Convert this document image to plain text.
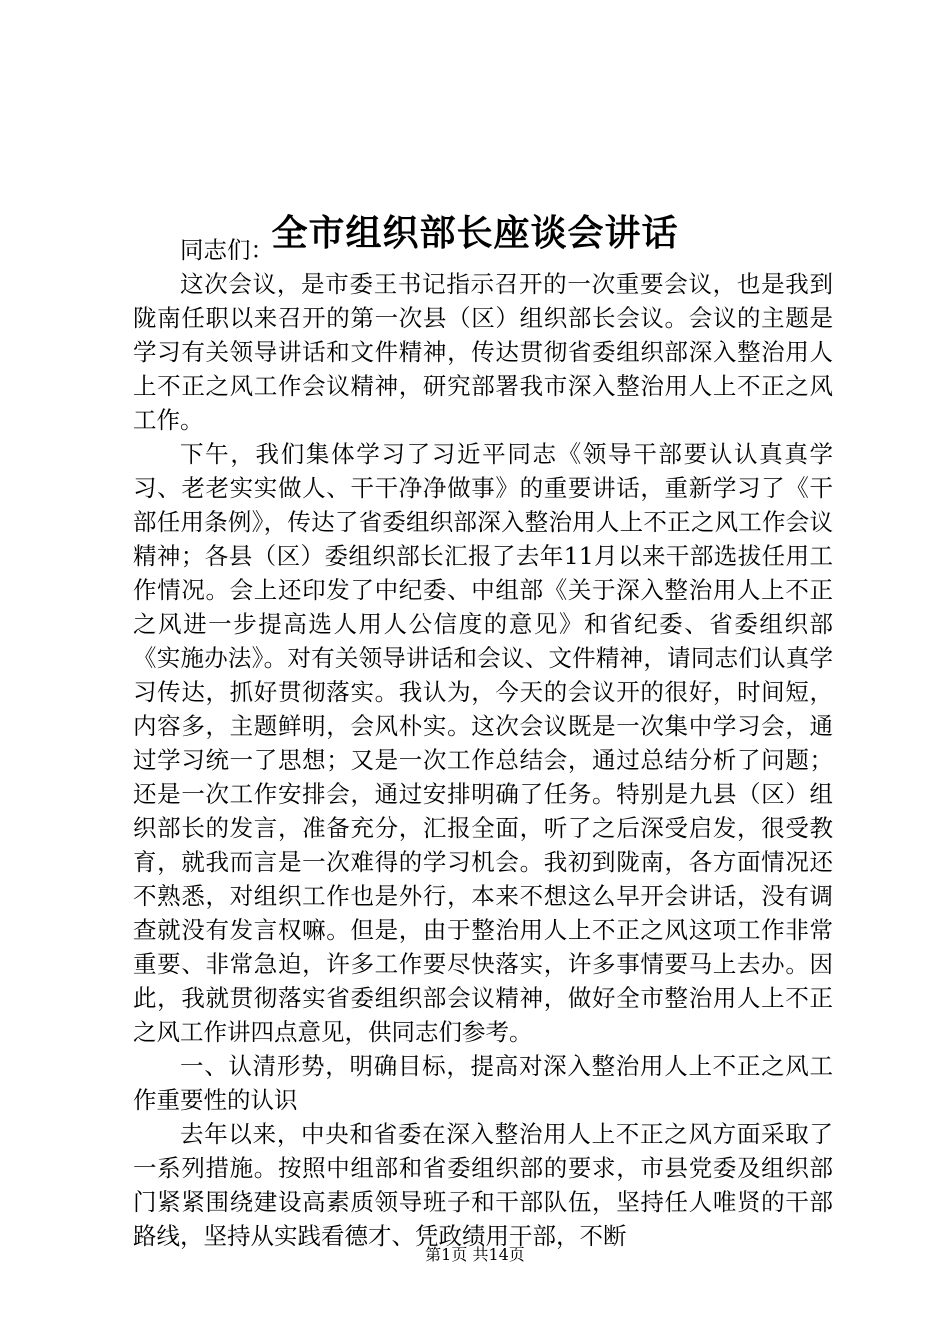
全市组织部长座谈会讲话

同志们：

这次会议，是市委王书记指示召开的一次重要会议，也是我到陇南任职以来召开的第一次县（区）组织部长会议。会议的主题是学习有关领导讲话和文件精神，传达贯彻省委组织部深入整治用人上不正之风工作会议精神，研究部署我市深入整治用人上不正之风工作。

下午，我们集体学习了习近平同志《领导干部要认认真真学习、老老实实做人、干干净净做事》的重要讲话，重新学习了《干部任用条例》，传达了省委组织部深入整治用人上不正之风工作会议精神；各县（区）委组织部长汇报了去年11月以来干部选拔任用工作情况。会上还印发了中纪委、中组部《关于深入整治用人上不正之风进一步提高选人用人公信度的意见》和省纪委、省委组织部《实施办法》。对有关领导讲话和会议、文件精神，请同志们认真学习传达，抓好贯彻落实。我认为，今天的会议开的很好，时间短，内容多，主题鲜明，会风朴实。这次会议既是一次集中学习会，通过学习统一了思想；又是一次工作总结会，通过总结分析了问题；还是一次工作安排会，通过安排明确了任务。特别是九县（区）组织部长的发言，准备充分，汇报全面，听了之后深受启发，很受教育，就我而言是一次难得的学习机会。我初到陇南，各方面情况还不熟悉，对组织工作也是外行，本来不想这么早开会讲话，没有调查就没有发言权嘛。但是，由于整治用人上不正之风这项工作非常重要、非常急迫，许多工作要尽快落实，许多事情要马上去办。因此，我就贯彻落实省委组织部会议精神，做好全市整治用人上不正之风工作讲四点意见，供同志们参考。

一、认清形势，明确目标，提高对深入整治用人上不正之风工作重要性的认识

去年以来，中央和省委在深入整治用人上不正之风方面采取了一系列措施。按照中组部和省委组织部的要求，市县党委及组织部门紧紧围绕建设高素质领导班子和干部队伍，坚持任人唯贤的干部路线，坚持从实践看德才、凭政绩用干部，不断

第1页 共14页
